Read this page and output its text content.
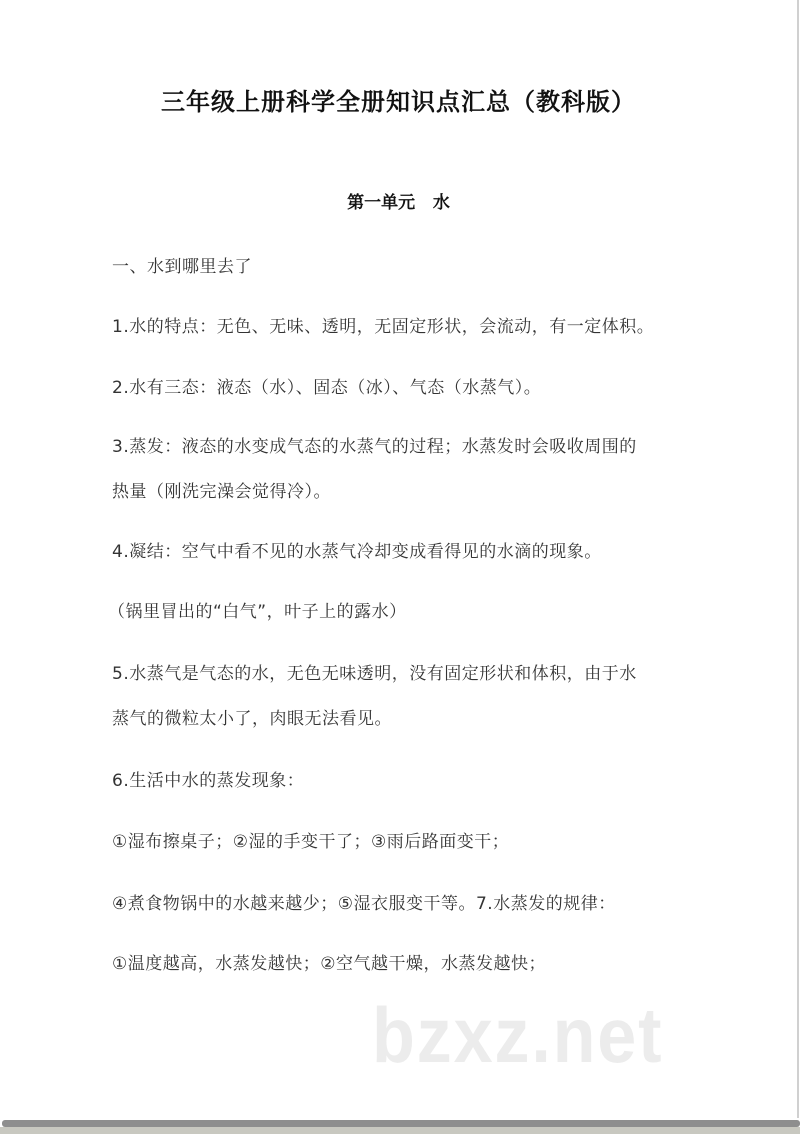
三年级上册科学全册知识点汇总（教科版）
第一单元   水
一、水到哪里去了
1.水的特点：无色、无味、透明，无固定形状，会流动，有一定体积。
2.水有三态：液态（水）、固态（冰）、气态（水蒸气）。
3.蒸发：液态的水变成气态的水蒸气的过程；水蒸发时会吸收周围的
热量（刚洗完澡会觉得冷）。
4.凝结：空气中看不见的水蒸气冷却变成看得见的水滴的现象。
（锅里冒出的“白气”，叶子上的露水）
5.水蒸气是气态的水，无色无味透明，没有固定形状和体积，由于水
蒸气的微粒太小了，肉眼无法看见。
6.生活中水的蒸发现象：
①湿布擦桌子；②湿的手变干了；③雨后路面变干；
④煮食物锅中的水越来越少；⑤湿衣服变干等。7.水蒸发的规律：
①温度越高，水蒸发越快；②空气越干燥，水蒸发越快；
bzxz.net
